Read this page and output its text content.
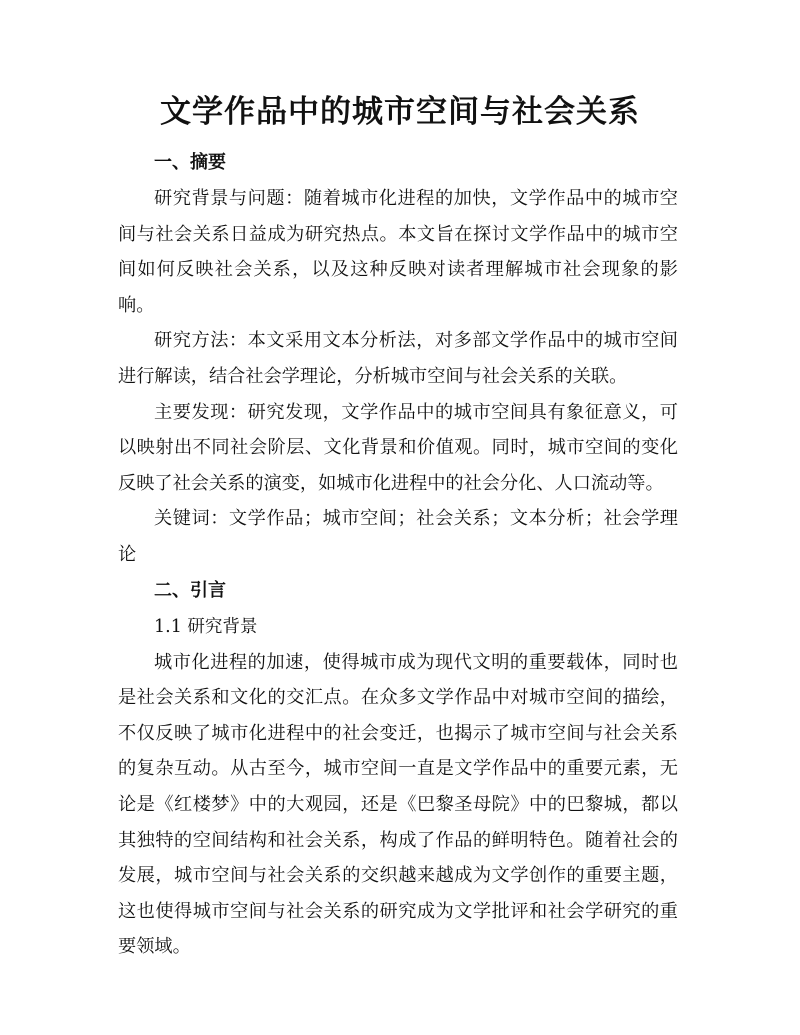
文学作品中的城市空间与社会关系
一、摘要

研究背景与问题：随着城市化进程的加快，文学作品中的城市空间与社会关系日益成为研究热点。本文旨在探讨文学作品中的城市空间如何反映社会关系，以及这种反映对读者理解城市社会现象的影响。

研究方法：本文采用文本分析法，对多部文学作品中的城市空间进行解读，结合社会学理论，分析城市空间与社会关系的关联。

主要发现：研究发现，文学作品中的城市空间具有象征意义，可以映射出不同社会阶层、文化背景和价值观。同时，城市空间的变化反映了社会关系的演变，如城市化进程中的社会分化、人口流动等。

关键词：文学作品；城市空间；社会关系；文本分析；社会学理论

二、引言
1.1 研究背景

城市化进程的加速，使得城市成为现代文明的重要载体，同时也是社会关系和文化的交汇点。在众多文学作品中对城市空间的描绘，不仅反映了城市化进程中的社会变迁，也揭示了城市空间与社会关系的复杂互动。从古至今，城市空间一直是文学作品中的重要元素，无论是《红楼梦》中的大观园，还是《巴黎圣母院》中的巴黎城，都以其独特的空间结构和社会关系，构成了作品的鲜明特色。随着社会的发展，城市空间与社会关系的交织越来越成为文学创作的重要主题，这也使得城市空间与社会关系的研究成为文学批评和社会学研究的重要领域。
